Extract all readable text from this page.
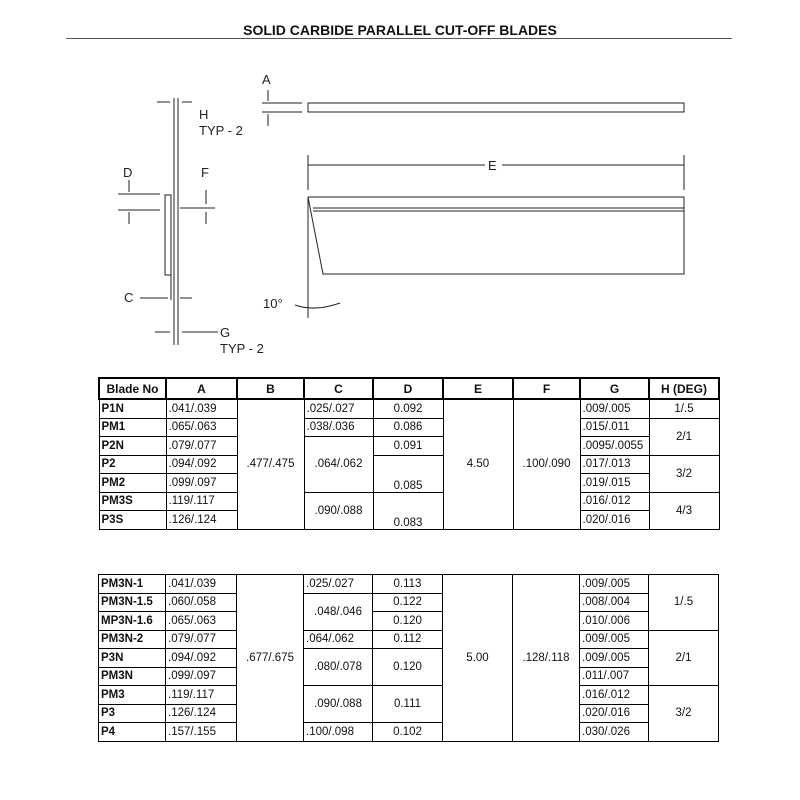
SOLID CARBIDE PARALLEL CUT-OFF BLADES
H
TYP - 2
D	F
C
G
TYP - 2
A
E
10°
Blade No	A	B	C	D	E	F	G	H (DEG)
P1N	.041/.039	.477/.475	.025/.027	0.092	4.50	.100/.090	.009/.005	1/.5
PM1	.065/.063		.038/.036	0.086			.015/.011	2/1
P2N	.079/.077		.064/.062	0.091			.0095/.0055	
P2	.094/.092			0.085			.017/.013	3/2
PM2	.099/.097						.019/.015	
PM3S	.119/.117		.090/.088	0.083			.016/.012	4/3
P3S	.126/.124						.020/.016	
PM3N-1	.041/.039	.677/.675	.025/.027	0.113	5.00	.128/.118	.009/.005	1/.5
PM3N-1.5	.060/.058		.048/.046	0.122			.008/.004	
MP3N-1.6	.065/.063			0.120			.010/.006	
PM3N-2	.079/.077		.064/.062	0.112			.009/.005	2/1
P3N	.094/.092		.080/.078	0.120			.009/.005	
PM3N	.099/.097						.011/.007	
PM3	.119/.117		.090/.088	0.111			.016/.012	3/2
P3	.126/.124						.020/.016	
P4	.157/.155		.100/.098	0.102			.030/.026	
